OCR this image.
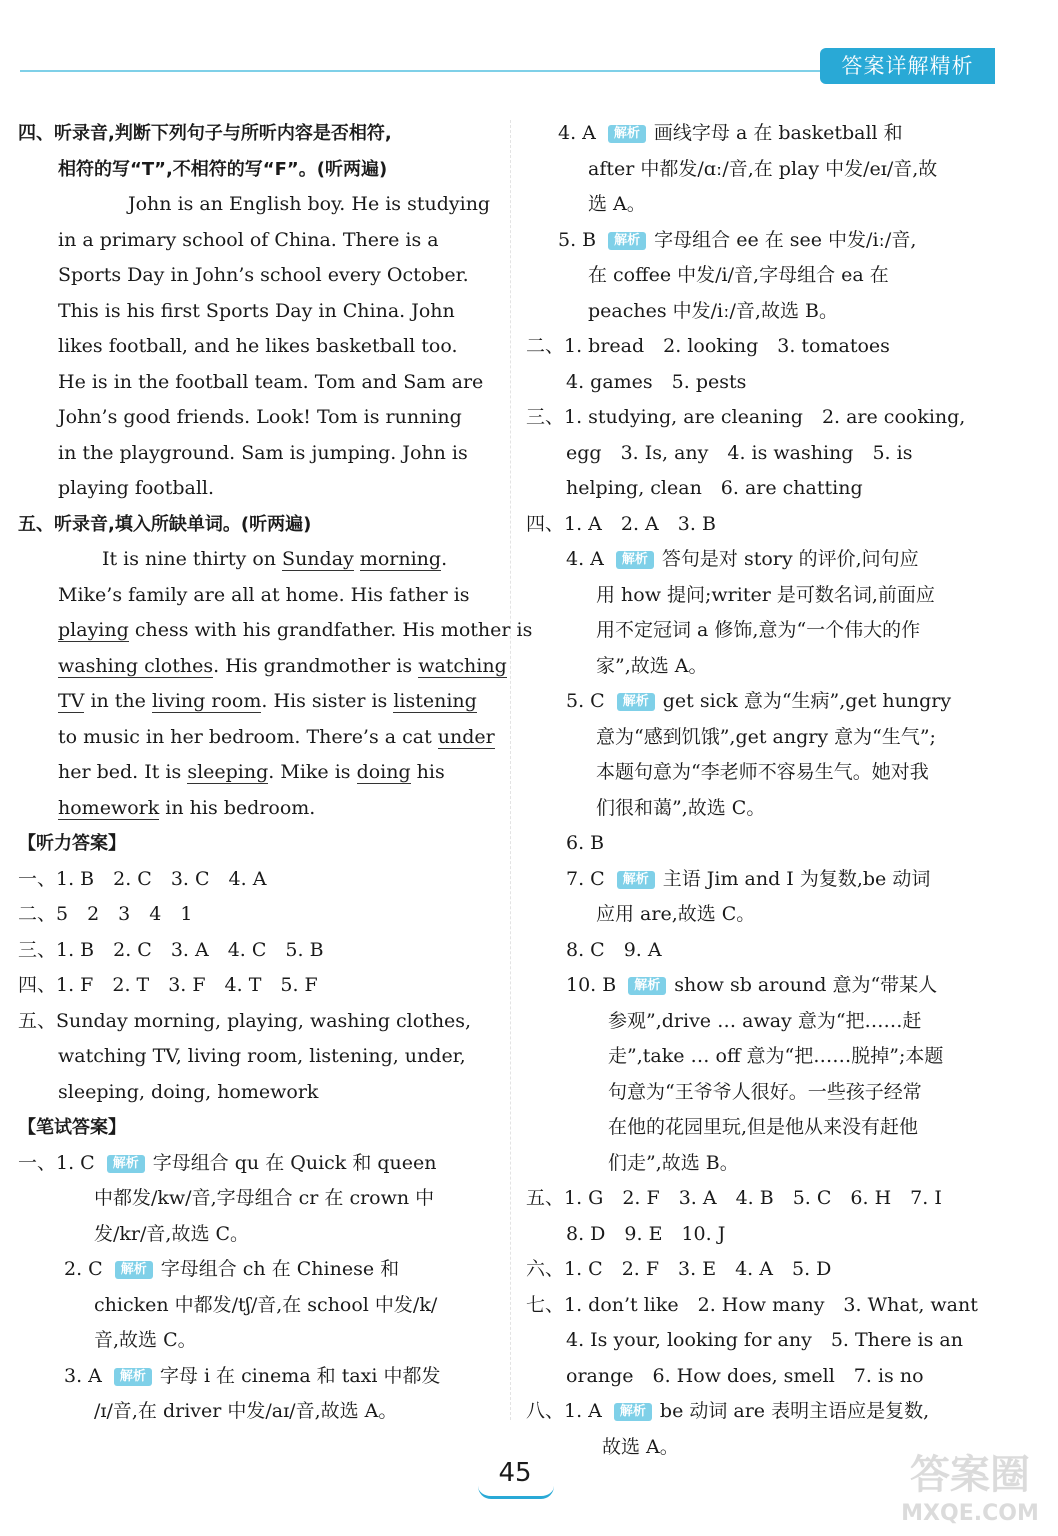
答案详解精析
四、听录音,判断下列句子与所听内容是否相符,
相符的写“T”,不相符的写“F”。(听两遍)
John is an English boy. He is studying
in a primary school of China. There is a
Sports Day in John’s school every October.
This is his first Sports Day in China. John
likes football, and he likes basketball too.
He is in the football team. Tom and Sam are
John’s good friends. Look! Tom is running
in the playground. Sam is jumping. John is
playing football.
五、听录音,填入所缺单词。(听两遍)
It is nine thirty on Sunday morning.
Mike’s family are all at home. His father is
playing chess with his grandfather. His mother is
washing clothes. His grandmother is watching
TV in the living room. His sister is listening
to music in her bedroom. There’s a cat under
her bed. It is sleeping. Mike is doing his
homework in his bedroom.
【听力答案】
一、1. B　2. C　3. C　4. A
二、5　2　3　4　1
三、1. B　2. C　3. A　4. C　5. B
四、1. F　2. T　3. F　4. T　5. F
五、Sunday morning, playing, washing clothes,
watching TV, living room, listening, under,
sleeping, doing, homework
【笔试答案】
一、1. C 解析 字母组合 qu 在 Quick 和 queen
中都发/kw/音,字母组合 cr 在 crown 中
发/kr/音,故选 C。
2. C 解析 字母组合 ch 在 Chinese 和
chicken 中都发/tʃ/音,在 school 中发/k/
音,故选 C。
3. A 解析 字母 i 在 cinema 和 taxi 中都发
/ɪ/音,在 driver 中发/aɪ/音,故选 A。
4. A 解析 画线字母 a 在 basketball 和
after 中都发/ɑː/音,在 play 中发/eɪ/音,故
选 A。
5. B 解析 字母组合 ee 在 see 中发/iː/音,
在 coffee 中发/i/音,字母组合 ea 在
peaches 中发/iː/音,故选 B。
二、1. bread　2. looking　3. tomatoes
4. games　5. pests
三、1. studying, are cleaning　2. are cooking,
egg　3. Is, any　4. is washing　5. is
helping, clean　6. are chatting
四、1. A　2. A　3. B
4. A 解析 答句是对 story 的评价,问句应
用 how 提问;writer 是可数名词,前面应
用不定冠词 a 修饰,意为“一个伟大的作
家”,故选 A。
5. C 解析 get sick 意为“生病”,get hungry
意为“感到饥饿”,get angry 意为“生气”;
本题句意为“李老师不容易生气。她对我
们很和蔼”,故选 C。
6. B
7. C 解析 主语 Jim and I 为复数,be 动词
应用 are,故选 C。
8. C　9. A
10. B 解析 show sb around 意为“带某人
参观”,drive … away 意为“把……赶
走”,take … off 意为“把……脱掉”;本题
句意为“王爷爷人很好。一些孩子经常
在他的花园里玩,但是他从来没有赶他
们走”,故选 B。
五、1. G　2. F　3. A　4. B　5. C　6. H　7. I
8. D　9. E　10. J
六、1. C　2. F　3. E　4. A　5. D
七、1. don’t like　2. How many　3. What, want
4. Is your, looking for any　5. There is an
orange　6. How does, smell　7. is no
八、1. A 解析 be 动词 are 表明主语应是复数,
故选 A。
45	答案圈
MXQE.COM
